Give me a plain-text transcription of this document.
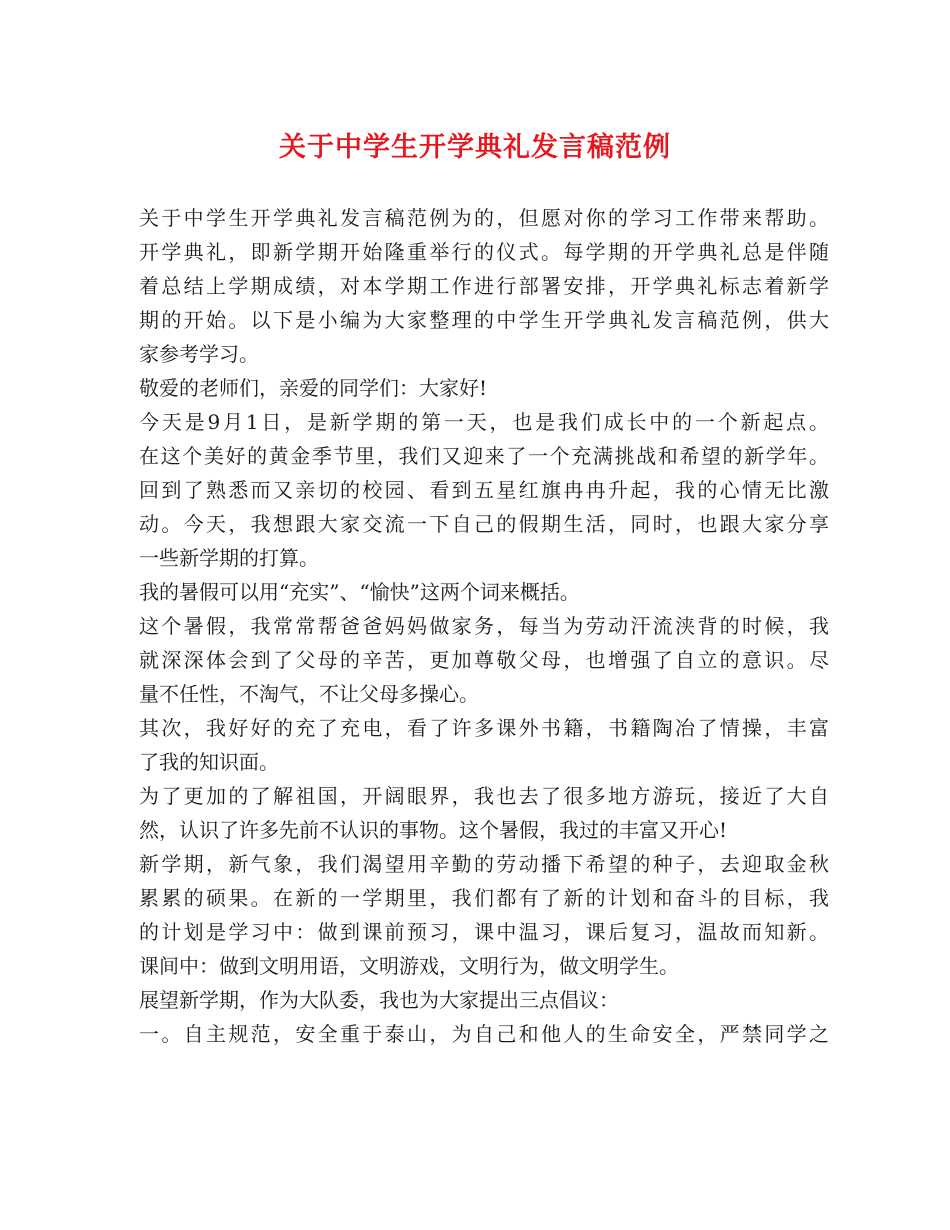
关于中学生开学典礼发言稿范例
关于中学生开学典礼发言稿范例为的，但愿对你的学习工作带来帮助。
开学典礼，即新学期开始隆重举行的仪式。每学期的开学典礼总是伴随
着总结上学期成绩，对本学期工作进行部署安排，开学典礼标志着新学
期的开始。以下是小编为大家整理的中学生开学典礼发言稿范例，供大
家参考学习。
敬爱的老师们，亲爱的同学们：大家好!
今天是9月1日，是新学期的第一天，也是我们成长中的一个新起点。
在这个美好的黄金季节里，我们又迎来了一个充满挑战和希望的新学年。
回到了熟悉而又亲切的校园、看到五星红旗冉冉升起，我的心情无比激
动。今天，我想跟大家交流一下自己的假期生活，同时，也跟大家分享
一些新学期的打算。
我的暑假可以用“充实”、“愉快”这两个词来概括。
这个暑假，我常常帮爸爸妈妈做家务，每当为劳动汗流浃背的时候，我
就深深体会到了父母的辛苦，更加尊敬父母，也增强了自立的意识。尽
量不任性，不淘气，不让父母多操心。
其次，我好好的充了充电，看了许多课外书籍，书籍陶冶了情操，丰富
了我的知识面。
为了更加的了解祖国，开阔眼界，我也去了很多地方游玩，接近了大自
然，认识了许多先前不认识的事物。这个暑假，我过的丰富又开心!
新学期，新气象，我们渴望用辛勤的劳动播下希望的种子，去迎取金秋
累累的硕果。在新的一学期里，我们都有了新的计划和奋斗的目标，我
的计划是学习中：做到课前预习，课中温习，课后复习，温故而知新。
课间中：做到文明用语，文明游戏，文明行为，做文明学生。
展望新学期，作为大队委，我也为大家提出三点倡议：
一。自主规范，安全重于泰山，为自己和他人的生命安全，严禁同学之
